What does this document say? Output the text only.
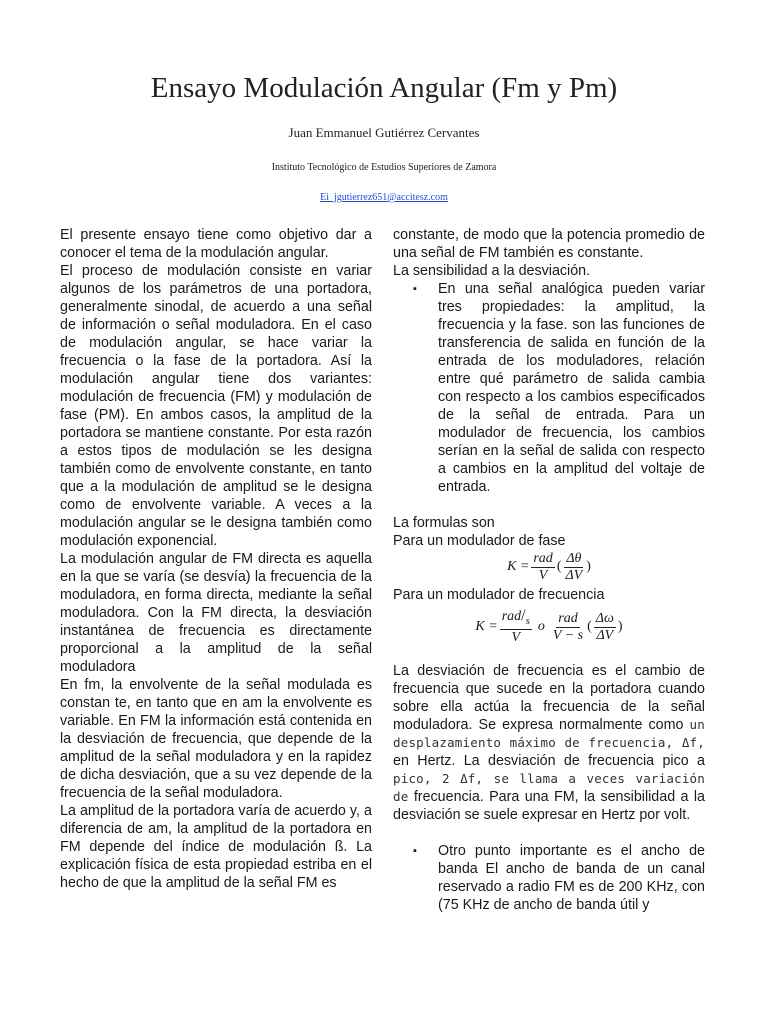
Ensayo Modulación Angular (Fm y Pm)
Juan Emmanuel Gutiérrez Cervantes
Instituto Tecnológico de Estudios Superiores de Zamora
Ei_jgutierrez651@accitesz.com

El presente ensayo tiene como objetivo dar a conocer el tema de la modulación angular.

El proceso de modulación consiste en variar algunos de los parámetros de una portadora, generalmente sinodal, de acuerdo a una señal de información o señal moduladora. En el caso de modulación angular, se hace variar la frecuencia o la fase de la portadora. Así la modulación angular tiene dos variantes: modulación de frecuencia (FM) y modulación de fase (PM). En ambos casos, la amplitud de la portadora se mantiene constante. Por esta razón a estos tipos de modulación se les designa también como de envolvente constante, en tanto que a la modulación de amplitud se le designa como de envolvente variable. A veces a la modulación angular se le designa también como modulación exponencial.

La modulación angular de FM directa es aquella en la que se varía (se desvía) la frecuencia de la moduladora, en forma directa, mediante la señal moduladora. Con la FM directa, la desviación instantánea de frecuencia es directamente proporcional a la amplitud de la señal moduladora

En fm, la envolvente de la señal modulada es constan te, en tanto que en am la envolvente es variable. En FM la información está contenida en la desviación de frecuencia, que depende de la amplitud de la señal moduladora y en la rapidez de dicha desviación, que a su vez depende de la frecuencia de la señal moduladora.

La amplitud de la portadora varía de acuerdo y, a diferencia de am, la amplitud de la portadora en FM depende del índice de modulación ß. La explicación física de esta propiedad estriba en el hecho de que la amplitud de la señal FM es

constante, de modo que la potencia promedio de una señal de FM también es constante.

La sensibilidad a la desviación.

▪ En una señal analógica pueden variar tres propiedades: la amplitud, la frecuencia y la fase. son las funciones de transferencia de salida en función de la entrada de los moduladores, relación entre qué parámetro de salida cambia con respecto a los cambios especificados de la señal de entrada. Para un modulador de frecuencia, los cambios serían en la señal de salida con respecto a cambios en la amplitud del voltaje de entrada.

La formulas son

Para un modulador de fase

$K = \frac{\text{rad}}{V}$ ( $\frac{\Delta\theta}{\Delta V}$ )

Para un modulador de frecuencia

$K = \frac{rad/_s}{V}$ o $\frac{\text{rad}}{V - s}$ ( $\frac{\Delta\omega}{\Delta V}$ )

La desviación de frecuencia es el cambio de frecuencia que sucede en la portadora cuando sobre ella actúa la frecuencia de la señal moduladora. Se expresa normalmente como un desplazamiento máximo de frecuencia, Δf, en Hertz. La desviación de frecuencia pico a pico, 2 Δf, se llama a veces variación de frecuencia. Para una FM, la sensibilidad a la desviación se suele expresar en Hertz por volt.

▪ Otro punto importante es el ancho de banda El ancho de banda de un canal reservado a radio FM es de 200 KHz, con (75 KHz de ancho de banda útil y
